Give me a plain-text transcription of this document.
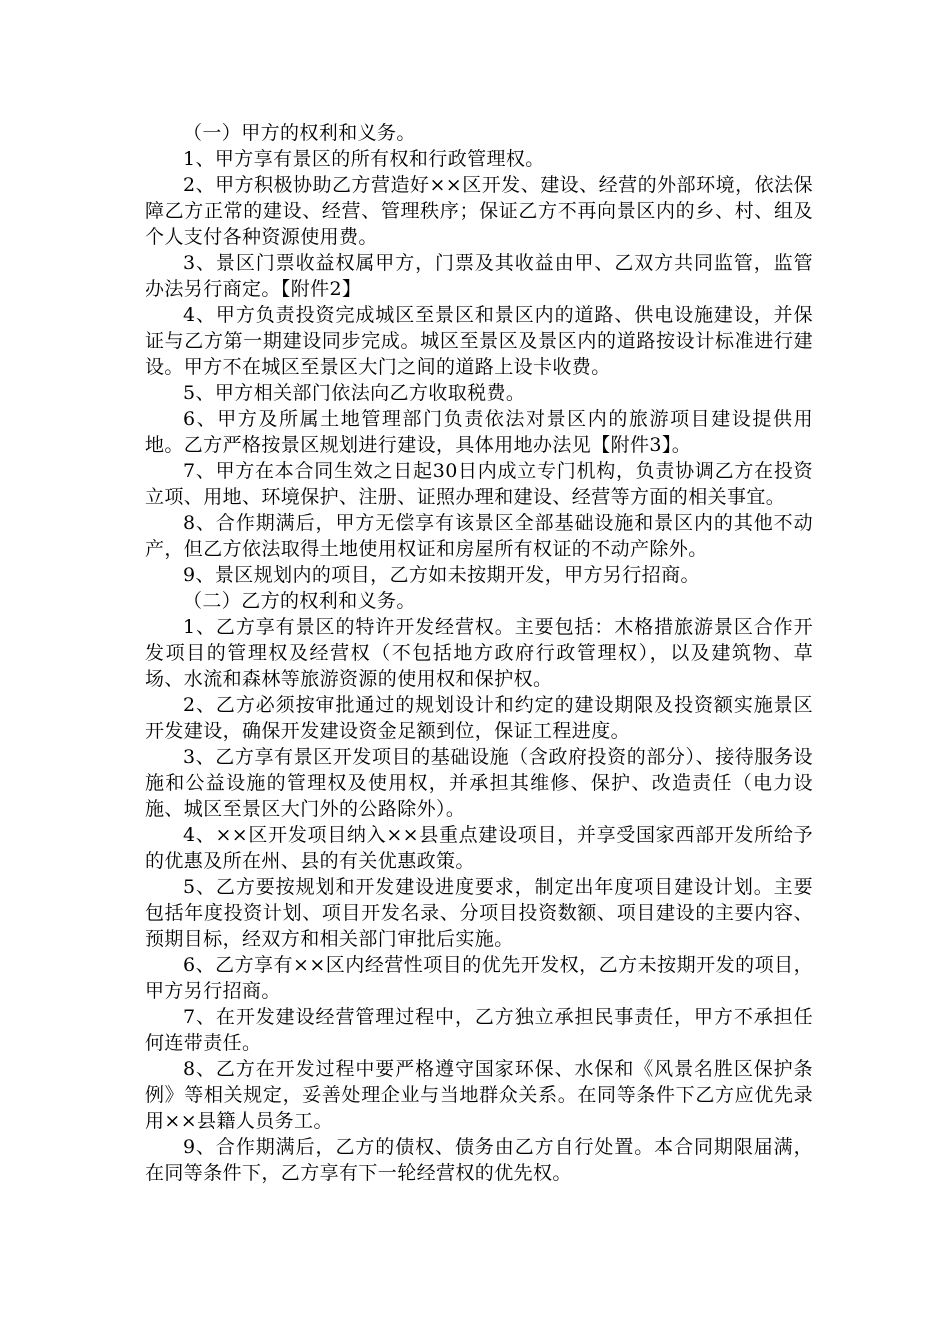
（一）甲方的权利和义务。

1、甲方享有景区的所有权和行政管理权。

2、甲方积极协助乙方营造好××区开发、建设、经营的外部环境，依法保障乙方正常的建设、经营、管理秩序；保证乙方不再向景区内的乡、村、组及个人支付各种资源使用费。

3、景区门票收益权属甲方，门票及其收益由甲、乙双方共同监管，监管办法另行商定。【附件2】

4、甲方负责投资完成城区至景区和景区内的道路、供电设施建设，并保证与乙方第一期建设同步完成。城区至景区及景区内的道路按设计标准进行建设。甲方不在城区至景区大门之间的道路上设卡收费。

5、甲方相关部门依法向乙方收取税费。

6、甲方及所属土地管理部门负责依法对景区内的旅游项目建设提供用地。乙方严格按景区规划进行建设，具体用地办法见【附件3】。

7、甲方在本合同生效之日起30日内成立专门机构，负责协调乙方在投资立项、用地、环境保护、注册、证照办理和建设、经营等方面的相关事宜。

8、合作期满后，甲方无偿享有该景区全部基础设施和景区内的其他不动产，但乙方依法取得土地使用权证和房屋所有权证的不动产除外。

9、景区规划内的项目，乙方如未按期开发，甲方另行招商。

（二）乙方的权利和义务。

1、乙方享有景区的特许开发经营权。主要包括：木格措旅游景区合作开发项目的管理权及经营权（不包括地方政府行政管理权），以及建筑物、草场、水流和森林等旅游资源的使用权和保护权。

2、乙方必须按审批通过的规划设计和约定的建设期限及投资额实施景区开发建设，确保开发建设资金足额到位，保证工程进度。

3、乙方享有景区开发项目的基础设施（含政府投资的部分）、接待服务设施和公益设施的管理权及使用权，并承担其维修、保护、改造责任（电力设施、城区至景区大门外的公路除外）。

4、××区开发项目纳入××县重点建设项目，并享受国家西部开发所给予的优惠及所在州、县的有关优惠政策。

5、乙方要按规划和开发建设进度要求，制定出年度项目建设计划。主要包括年度投资计划、项目开发名录、分项目投资数额、项目建设的主要内容、预期目标，经双方和相关部门审批后实施。

6、乙方享有××区内经营性项目的优先开发权，乙方未按期开发的项目，甲方另行招商。

7、在开发建设经营管理过程中，乙方独立承担民事责任，甲方不承担任何连带责任。

8、乙方在开发过程中要严格遵守国家环保、水保和《风景名胜区保护条例》等相关规定，妥善处理企业与当地群众关系。在同等条件下乙方应优先录用××县籍人员务工。

9、合作期满后，乙方的债权、债务由乙方自行处置。本合同期限届满，在同等条件下，乙方享有下一轮经营权的优先权。
